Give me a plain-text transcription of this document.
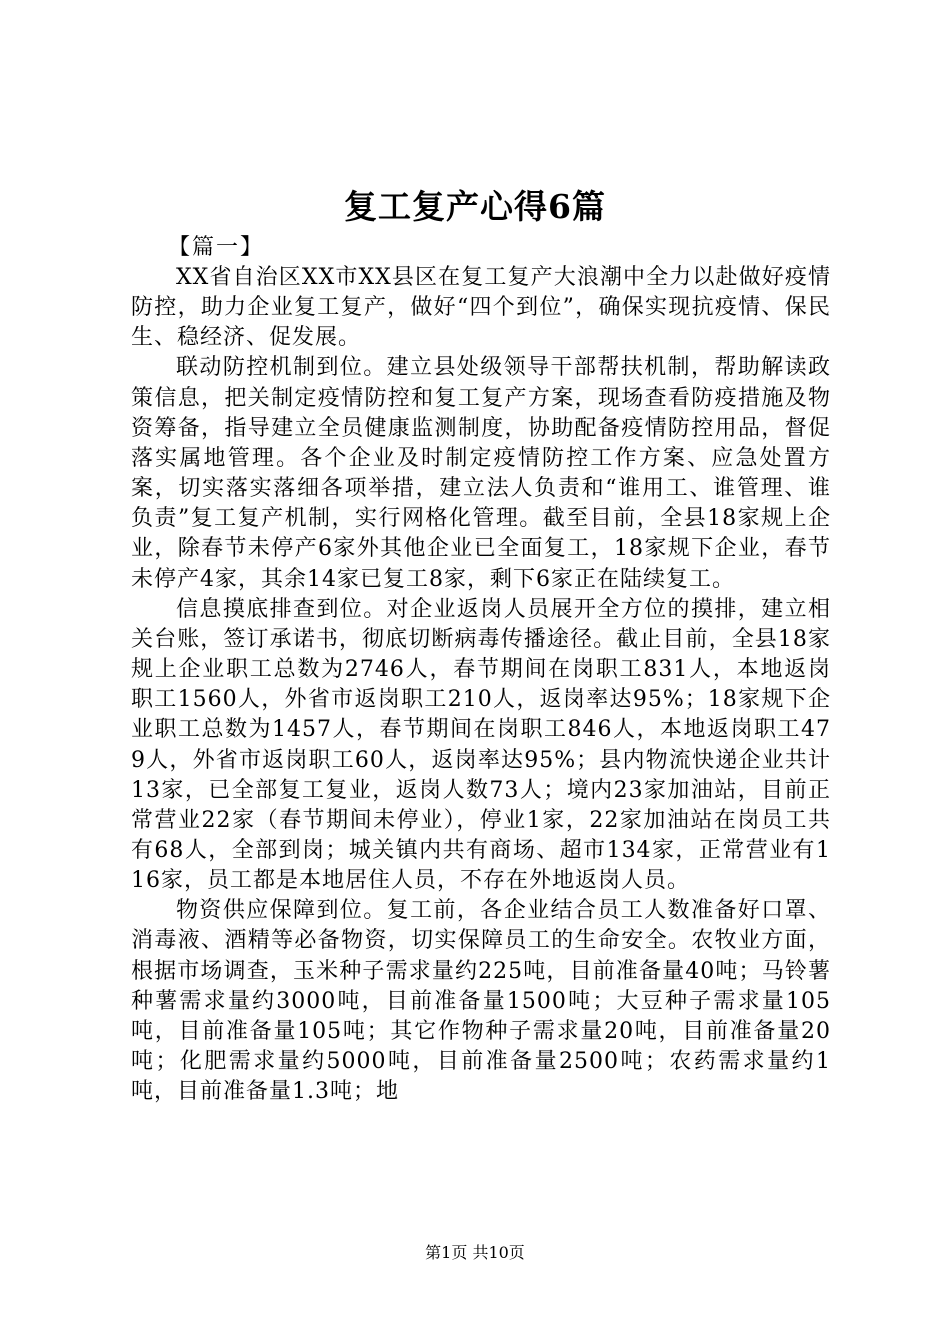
复工复产心得6篇
【篇一】

XX省自治区XX市XX县区在复工复产大浪潮中全力以赴做好疫情防控，助力企业复工复产，做好“四个到位”，确保实现抗疫情、保民生、稳经济、促发展。

联动防控机制到位。建立县处级领导干部帮扶机制，帮助解读政策信息，把关制定疫情防控和复工复产方案，现场查看防疫措施及物资筹备，指导建立全员健康监测制度，协助配备疫情防控用品，督促落实属地管理。各个企业及时制定疫情防控工作方案、应急处置方案，切实落实落细各项举措，建立法人负责和“谁用工、谁管理、谁负责”复工复产机制，实行网格化管理。截至目前，全县18家规上企业，除春节未停产6家外其他企业已全面复工，18家规下企业，春节未停产4家，其余14家已复工8家，剩下6家正在陆续复工。

信息摸底排查到位。对企业返岗人员展开全方位的摸排，建立相关台账，签订承诺书，彻底切断病毒传播途径。截止目前，全县18家规上企业职工总数为2746人，春节期间在岗职工831人，本地返岗职工1560人，外省市返岗职工210人，返岗率达95%；18家规下企业职工总数为1457人，春节期间在岗职工846人，本地返岗职工479人，外省市返岗职工60人，返岗率达95%；县内物流快递企业共计13家，已全部复工复业，返岗人数73人；境内23家加油站，目前正常营业22家（春节期间未停业），停业1家，22家加油站在岗员工共有68人，全部到岗；城关镇内共有商场、超市134家，正常营业有116家，员工都是本地居住人员，不存在外地返岗人员。

物资供应保障到位。复工前，各企业结合员工人数准备好口罩、消毒液、酒精等必备物资，切实保障员工的生命安全。农牧业方面，根据市场调查，玉米种子需求量约225吨，目前准备量40吨；马铃薯种薯需求量约3000吨，目前准备量1500吨；大豆种子需求量105吨，目前准备量105吨；其它作物种子需求量20吨，目前准备量20吨；化肥需求量约5000吨，目前准备量2500吨；农药需求量约1吨，目前准备量1.3吨；地

第1页 共10页
